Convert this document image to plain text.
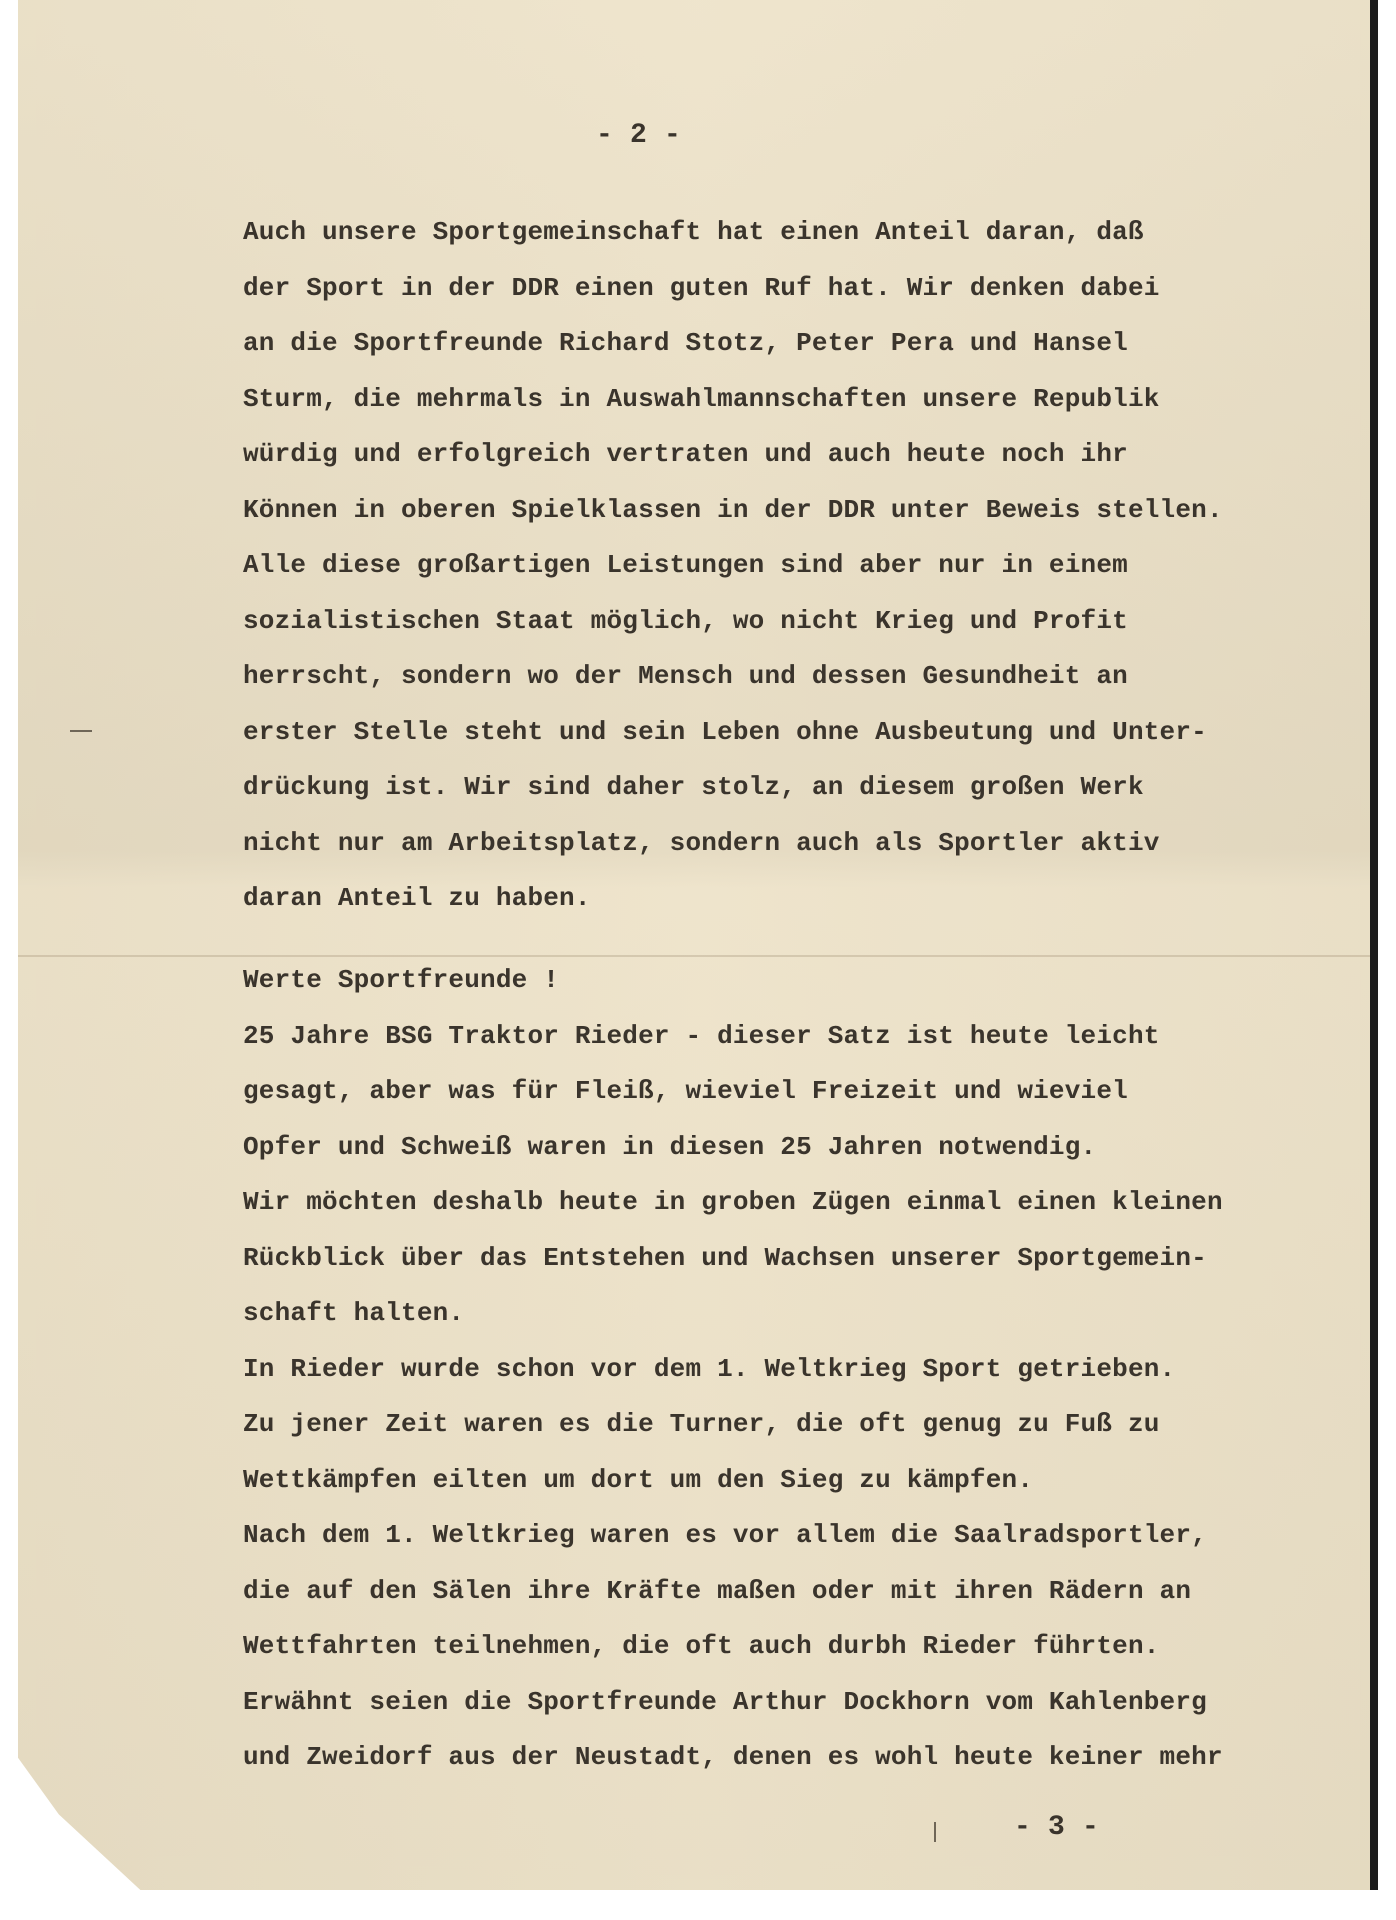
- 2 -
Auch unsere Sportgemeinschaft hat einen Anteil daran, daß
der Sport in der DDR einen guten Ruf hat. Wir denken dabei
an die Sportfreunde Richard Stotz, Peter Pera und Hansel
Sturm, die mehrmals in Auswahlmannschaften unsere Republik
würdig und erfolgreich vertraten und auch heute noch ihr
Können in oberen Spielklassen in der DDR unter Beweis stellen.
Alle diese großartigen Leistungen sind aber nur in einem
sozialistischen Staat möglich, wo nicht Krieg und Profit
herrscht, sondern wo der Mensch und dessen Gesundheit an
erster Stelle steht und sein Leben ohne Ausbeutung und Unter-
drückung ist. Wir sind daher stolz, an diesem großen Werk
nicht nur am Arbeitsplatz, sondern auch als Sportler aktiv
daran Anteil zu haben.
Werte Sportfreunde !
25 Jahre BSG Traktor Rieder - dieser Satz ist heute leicht
gesagt, aber was für Fleiß, wieviel Freizeit und wieviel
Opfer und Schweiß waren in diesen 25 Jahren notwendig.
Wir möchten deshalb heute in groben Zügen einmal einen kleinen
Rückblick über das Entstehen und Wachsen unserer Sportgemein-
schaft halten.
In Rieder wurde schon vor dem 1. Weltkrieg Sport getrieben.
Zu jener Zeit waren es die Turner, die oft genug zu Fuß zu
Wettkämpfen eilten um dort um den Sieg zu kämpfen.
Nach dem 1. Weltkrieg waren es vor allem die Saalradsportler,
die auf den Sälen ihre Kräfte maßen oder mit ihren Rädern an
Wettfahrten teilnehmen, die oft auch durbh Rieder führten.
Erwähnt seien die Sportfreunde Arthur Dockhorn vom Kahlenberg
und Zweidorf aus der Neustadt, denen es wohl heute keiner mehr
- 3 -
